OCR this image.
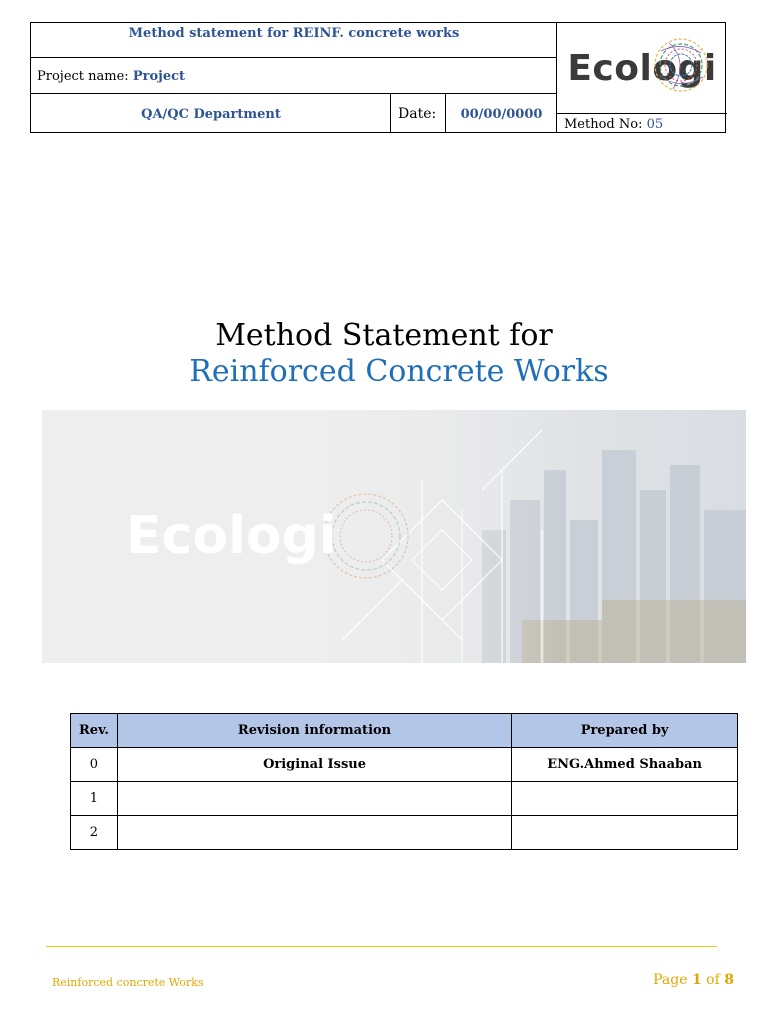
Method statement for REINF. concrete works
Project name:
Project
QA/QC Department	Date:	00/00/0000
Ecologi
Method No:
05
Method Statement for
Reinforced Concrete Works
Ecologi
Rev.	Revision information	Prepared by
0	Original Issue	ENG.Ahmed Shaaban
1		
2		
Reinforced concrete Works	Page 1 of 8
